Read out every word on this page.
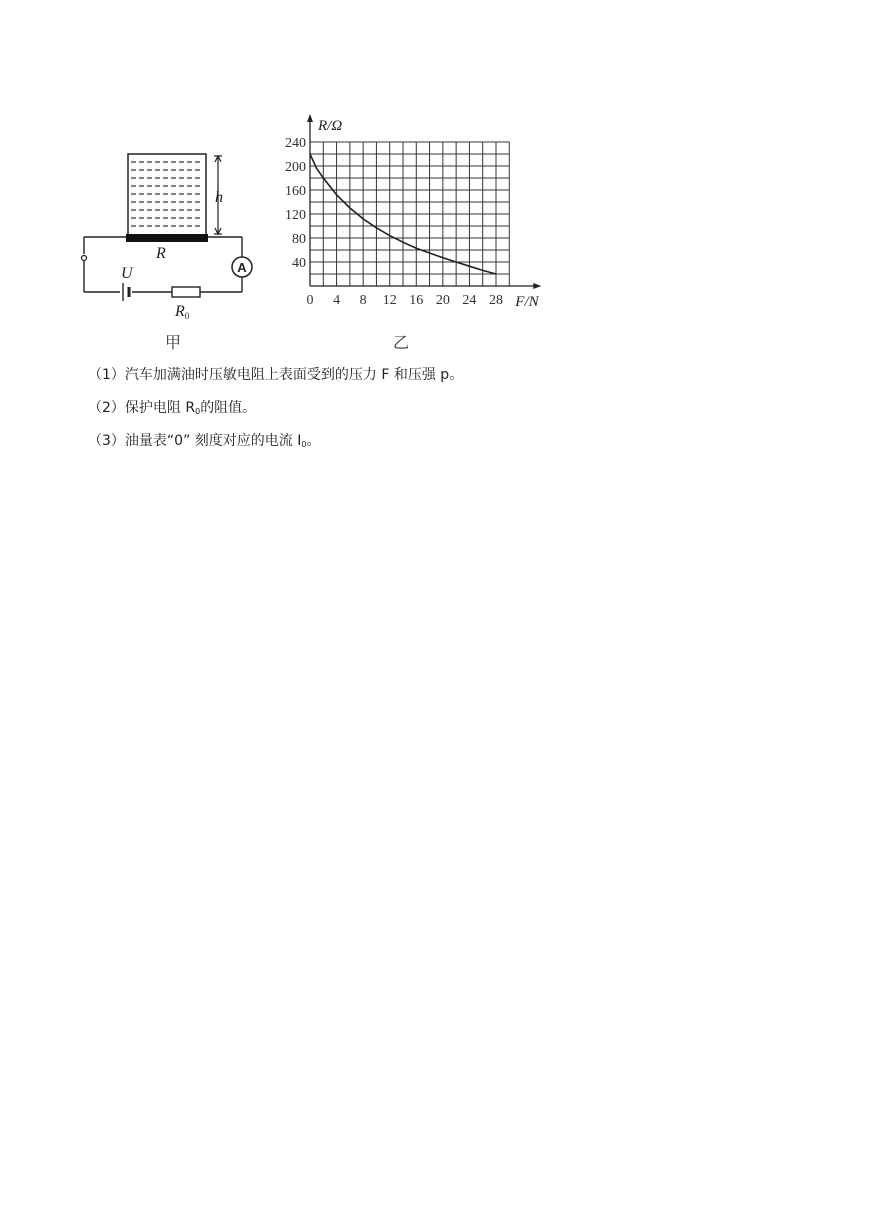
h
R
U
R0
A
甲
0 4 8 12 16 20 24 28
40
80
120
160
200
240
R/Ω
F/N
乙
（1）汽车加满油时压敏电阻上表面受到的压力 F 和压强 p。
（2）保护电阻 $R_0$的阻值。
（3）油量表“0” 刻度对应的电流 $I_0$。
